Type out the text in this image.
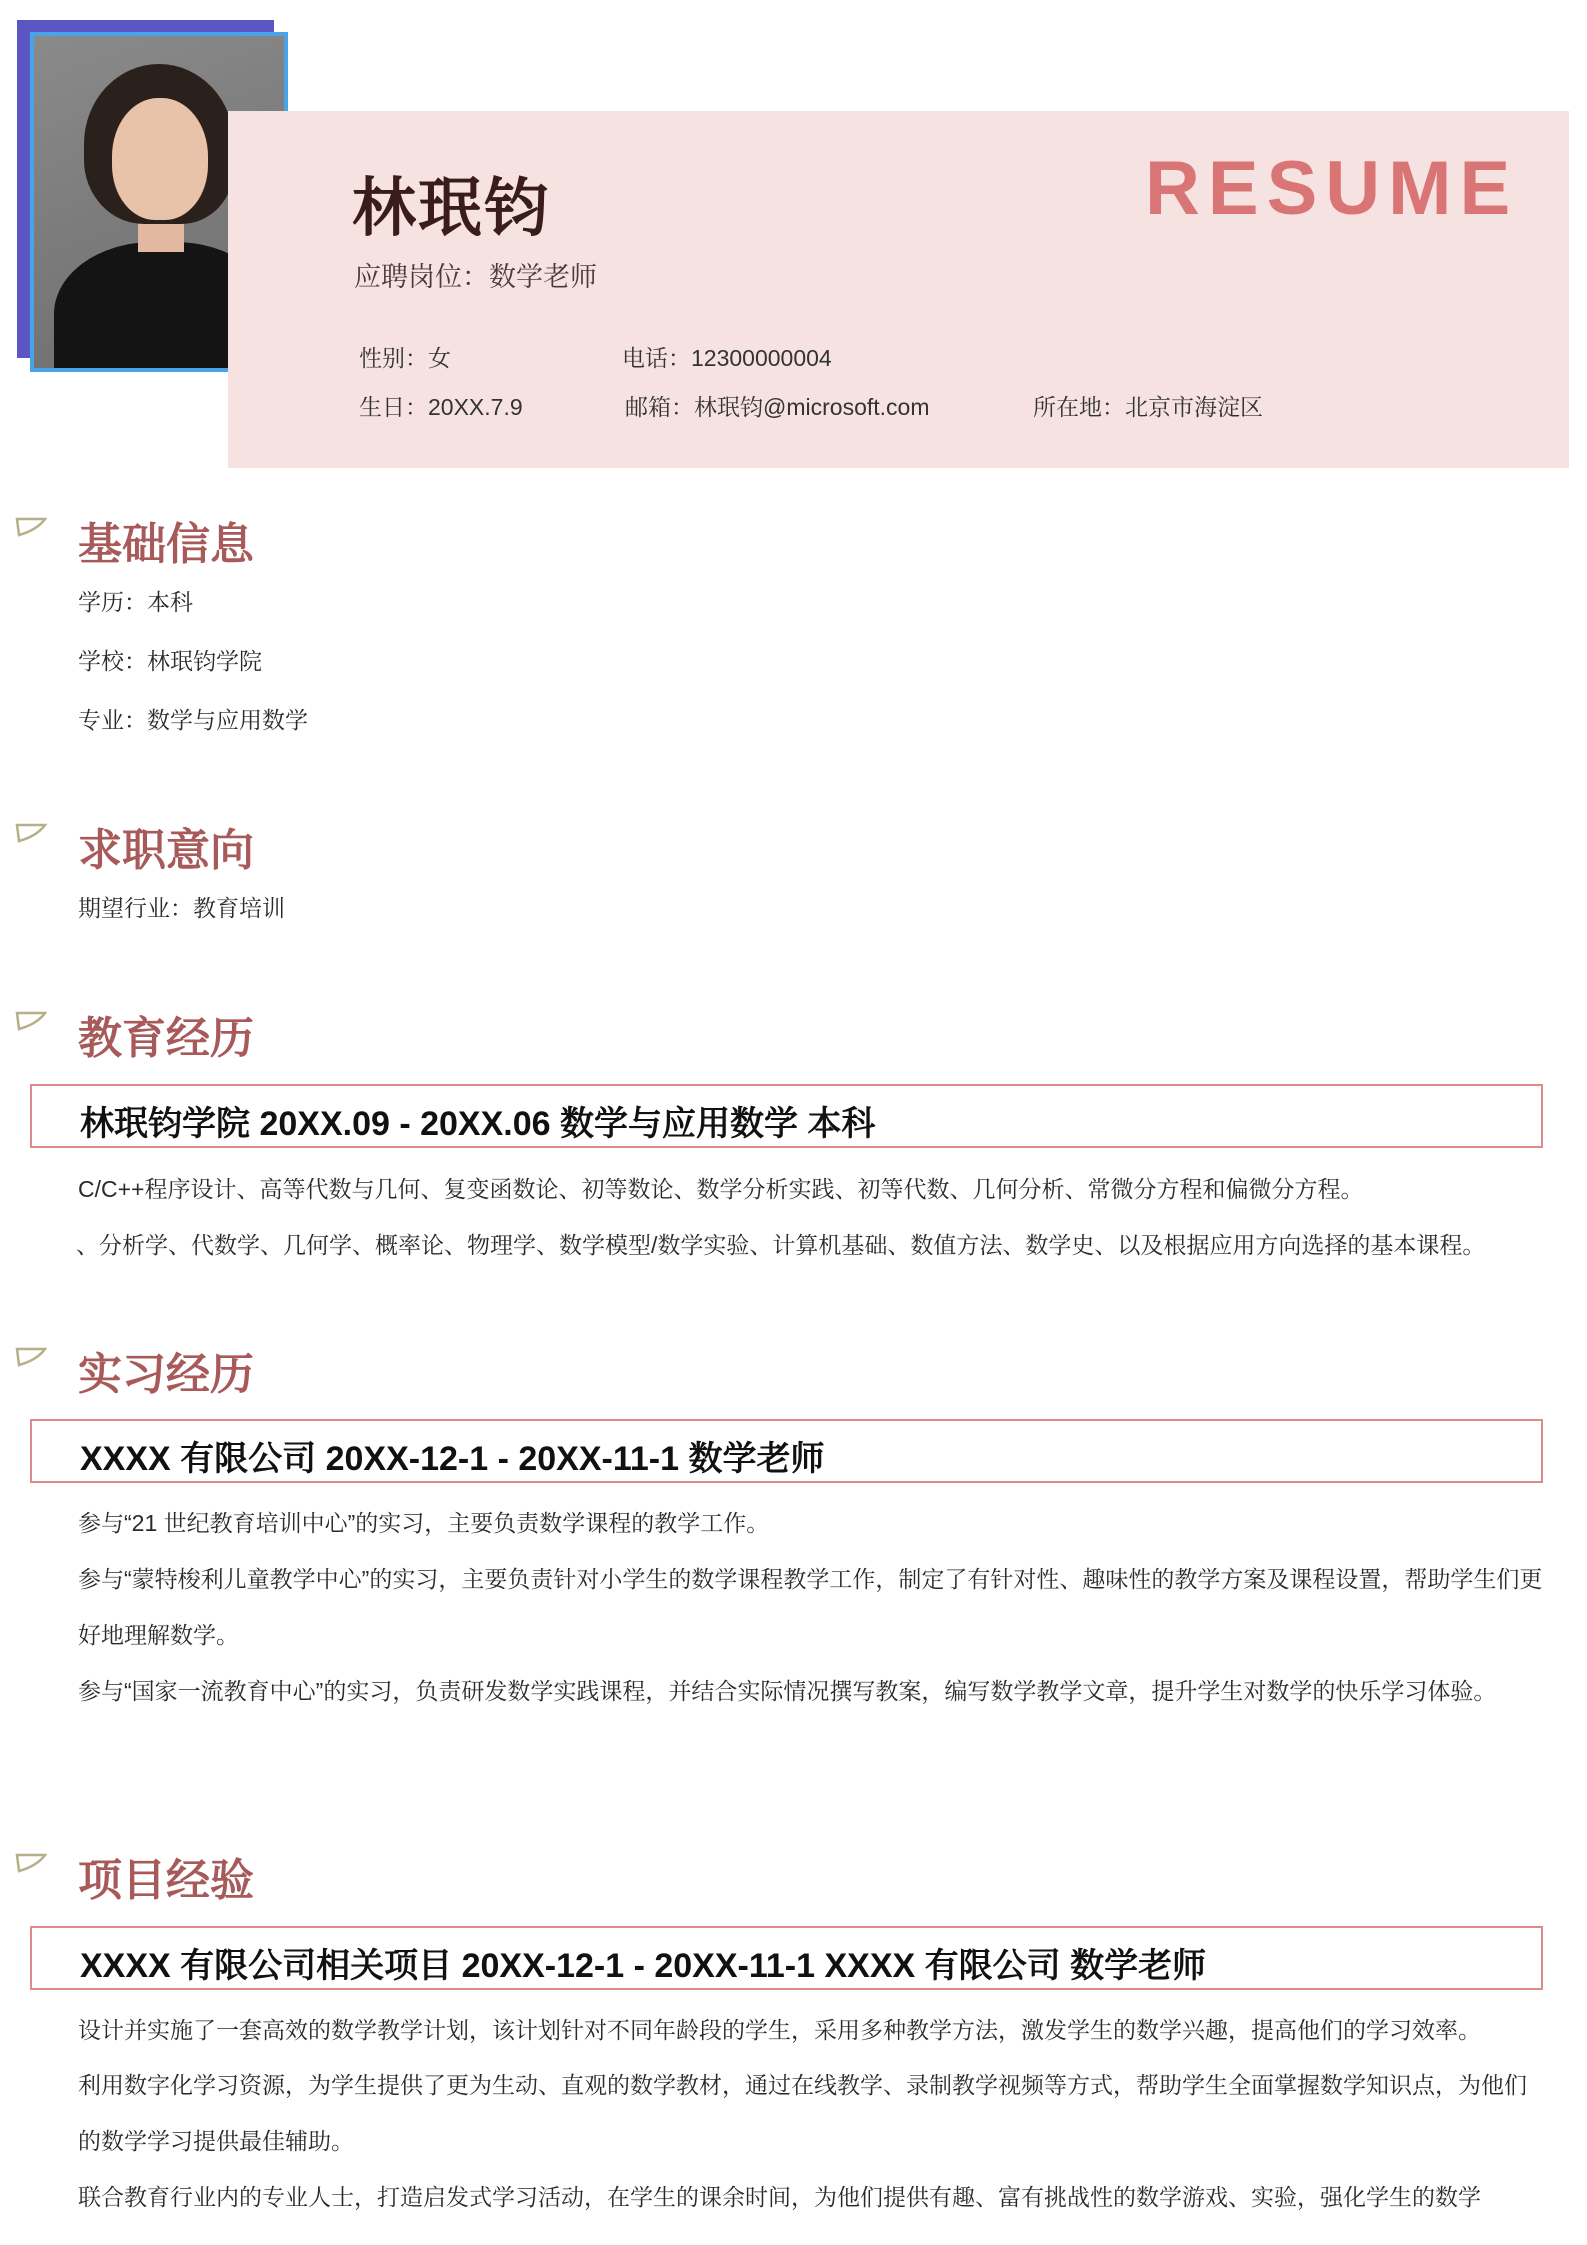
林珉钧
应聘岗位：数学老师
RESUME
性别：女	电话：12300000004
生日：20XX.7.9	邮箱：林珉钧@microsoft.com	所在地：北京市海淀区
基础信息
学历：本科
学校：林珉钧学院
专业：数学与应用数学
求职意向
期望行业：教育培训
教育经历
林珉钧学院 20XX.09 - 20XX.06 数学与应用数学 本科
C/C++程序设计、高等代数与几何、复变函数论、初等数论、数学分析实践、初等代数、几何分析、常微分方程和偏微分方程。
、分析学、代数学、几何学、概率论、物理学、数学模型/数学实验、计算机基础、数值方法、数学史、以及根据应用方向选择的基本课程。
实习经历
XXXX 有限公司 20XX-12-1 - 20XX-11-1 数学老师
参与“21 世纪教育培训中心”的实习，主要负责数学课程的教学工作。
参与“蒙特梭利儿童教学中心”的实习，主要负责针对小学生的数学课程教学工作，制定了有针对性、趣味性的教学方案及课程设置，帮助学生们更好地理解数学。
参与“国家一流教育中心”的实习，负责研发数学实践课程，并结合实际情况撰写教案，编写数学教学文章，提升学生对数学的快乐学习体验。
项目经验
XXXX 有限公司相关项目 20XX-12-1 - 20XX-11-1 XXXX 有限公司 数学老师
设计并实施了一套高效的数学教学计划，该计划针对不同年龄段的学生，采用多种教学方法，激发学生的数学兴趣，提高他们的学习效率。
利用数字化学习资源，为学生提供了更为生动、直观的数学教材，通过在线教学、录制教学视频等方式，帮助学生全面掌握数学知识点，为他们的数学学习提供最佳辅助。
联合教育行业内的专业人士，打造启发式学习活动，在学生的课余时间，为他们提供有趣、富有挑战性的数学游戏、实验，强化学生的数学
